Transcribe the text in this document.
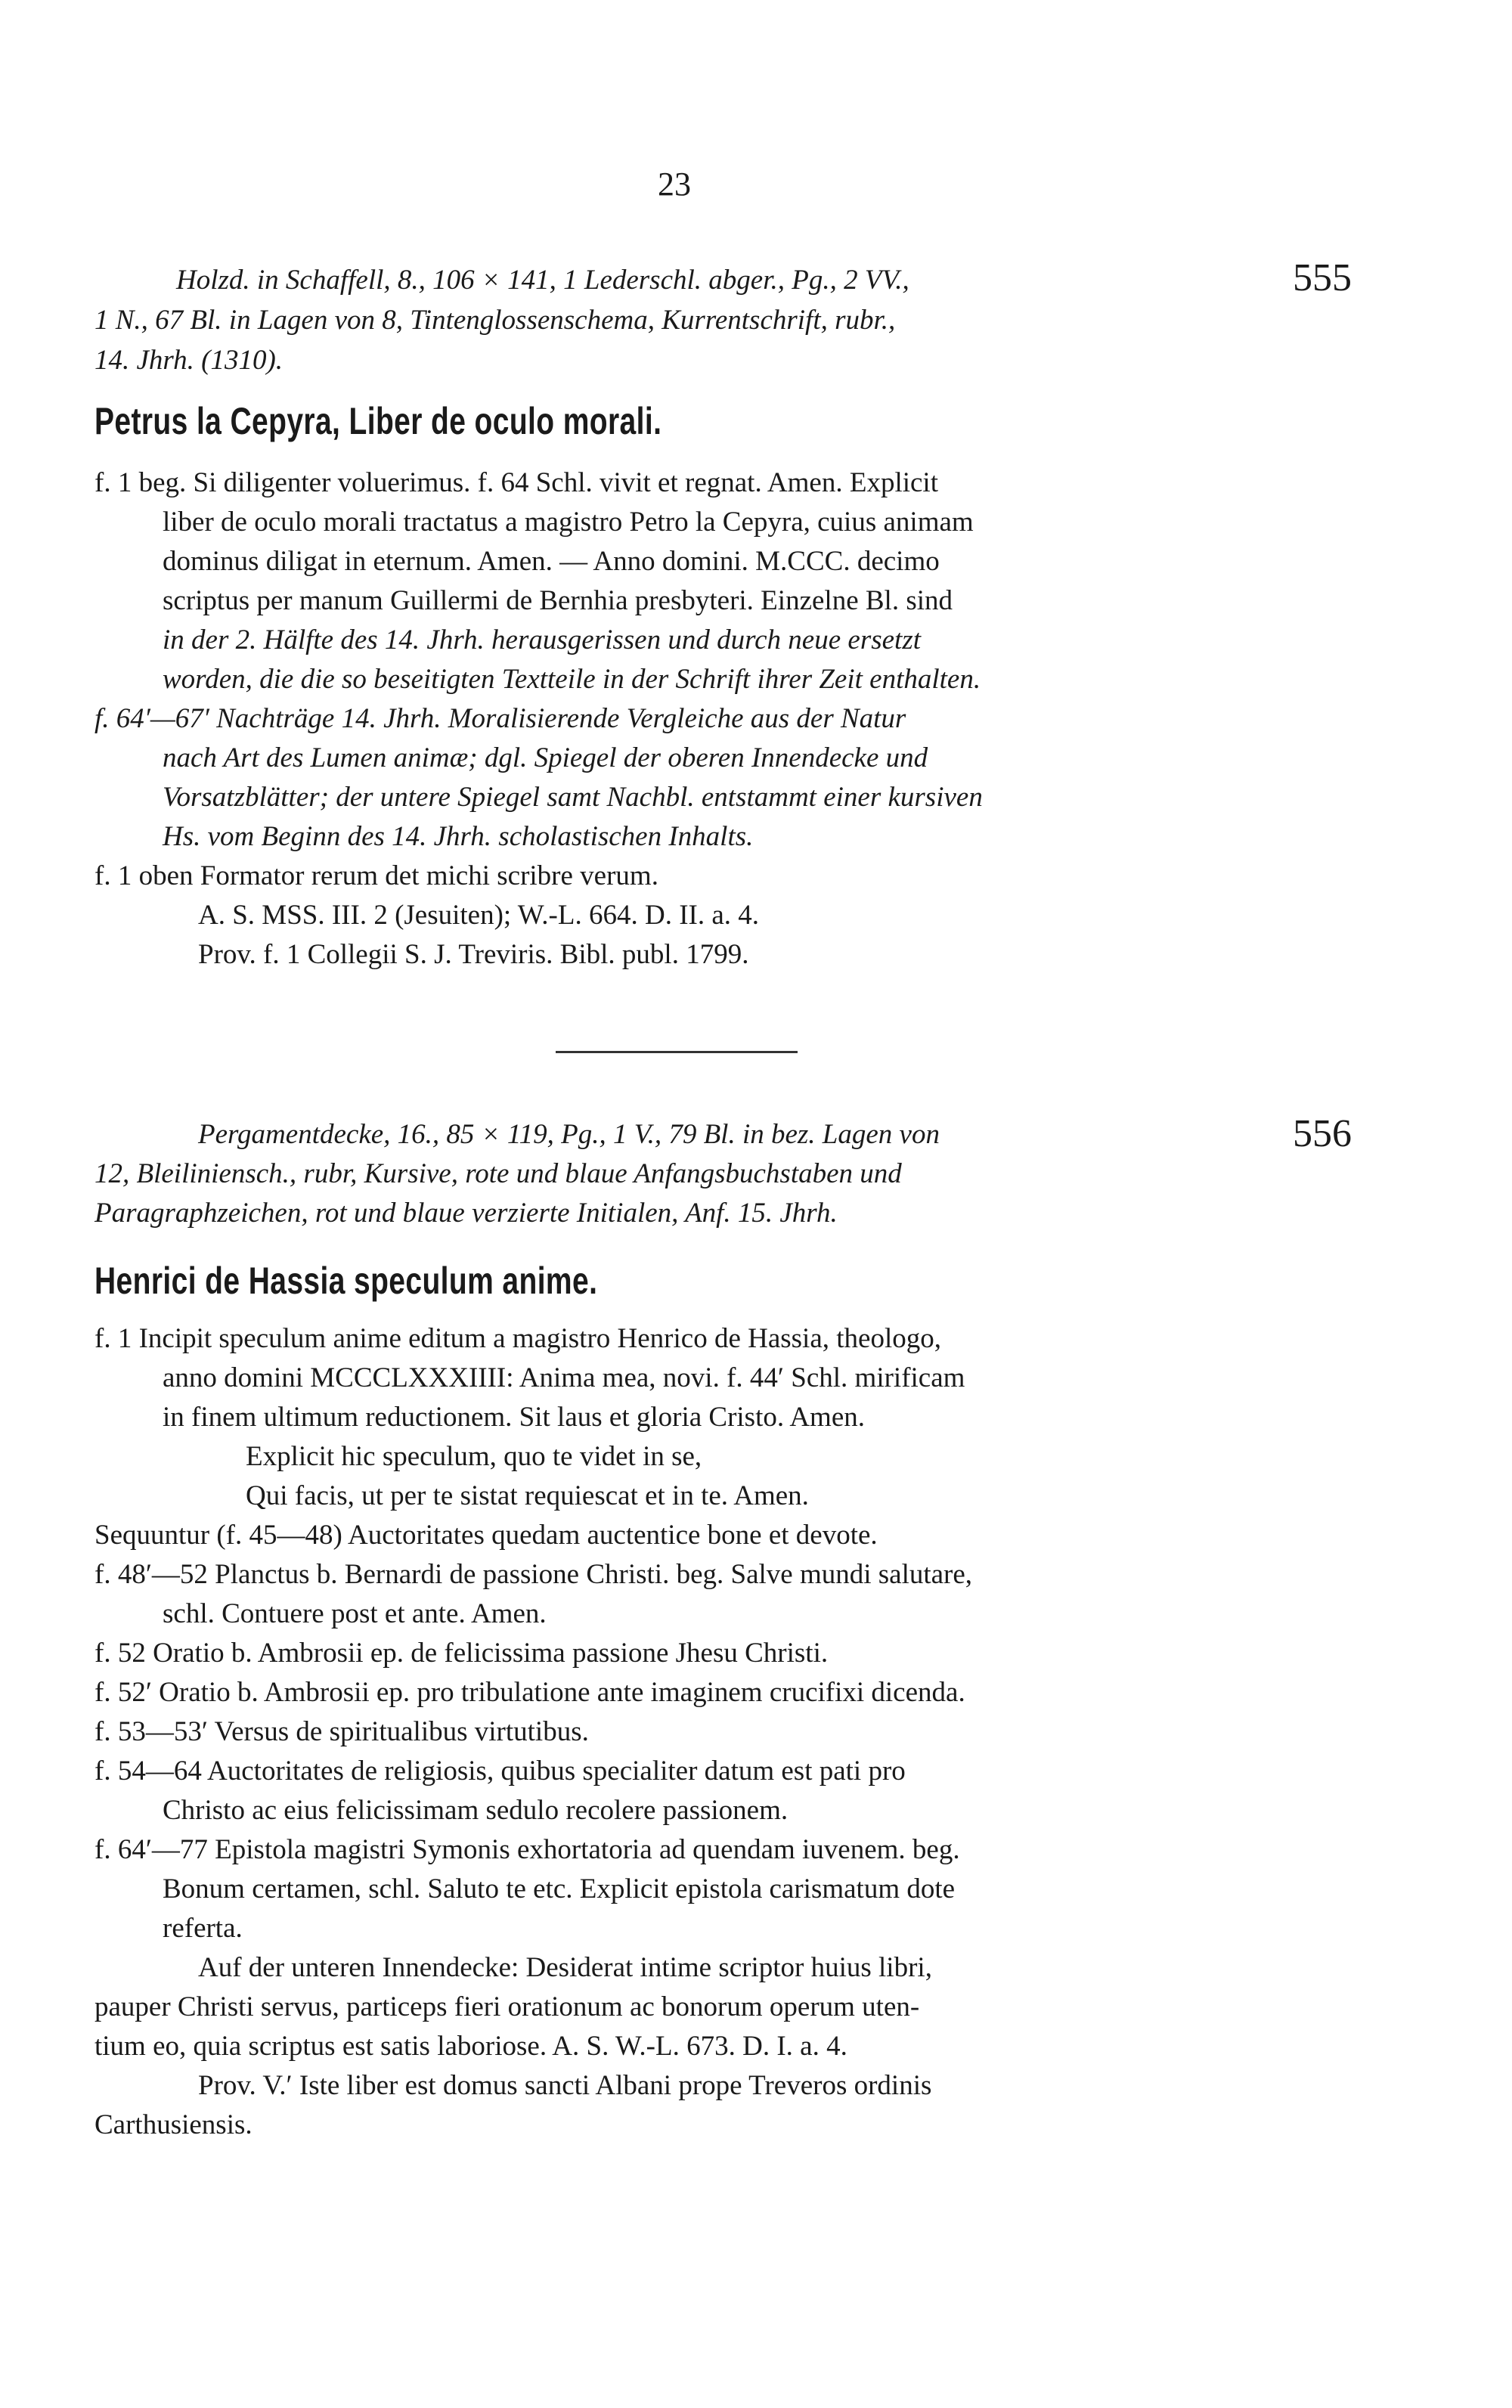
23
555
Holzd. in Schaffell, 8., 106 × 141, 1 Lederschl. abger., Pg., 2 VV.,
1 N., 67 Bl. in Lagen von 8, Tintenglossenschema, Kurrentschrift, rubr.,
14. Jhrh. (1310).
Petrus la Cepyra, Liber de oculo morali.
f. 1 beg. Si diligenter voluerimus. f. 64 Schl. vivit et regnat. Amen. Explicit
liber de oculo morali tractatus a magistro Petro la Cepyra, cuius animam
dominus diligat in eternum. Amen. — Anno domini. M.CCC. decimo
scriptus per manum Guillermi de Bernhia presbyteri. Einzelne Bl. sind
in der 2. Hälfte des 14. Jhrh. herausgerissen und durch neue ersetzt
worden, die die so beseitigten Textteile in der Schrift ihrer Zeit enthalten.
f. 64′—67′ Nachträge 14. Jhrh. Moralisierende Vergleiche aus der Natur
nach Art des Lumen animæ; dgl. Spiegel der oberen Innendecke und
Vorsatzblätter; der untere Spiegel samt Nachbl. entstammt einer kursiven
Hs. vom Beginn des 14. Jhrh. scholastischen Inhalts.
f. 1 oben Formator rerum det michi scribre verum.
A. S. MSS. III. 2 (Jesuiten); W.-L. 664. D. II. a. 4.
Prov. f. 1 Collegii S. J. Treviris. Bibl. publ. 1799.
556
Pergamentdecke, 16., 85 × 119, Pg., 1 V., 79 Bl. in bez. Lagen von
12, Bleiliniensch., rubr, Kursive, rote und blaue Anfangsbuchstaben und
Paragraphzeichen, rot und blaue verzierte Initialen, Anf. 15. Jhrh.
Henrici de Hassia speculum anime.
f. 1 Incipit speculum anime editum a magistro Henrico de Hassia, theologo,
anno domini MCCCLXXXIIII: Anima mea, novi. f. 44′ Schl. mirificam
in finem ultimum reductionem. Sit laus et gloria Cristo. Amen.
Explicit hic speculum, quo te videt in se,
Qui facis, ut per te sistat requiescat et in te. Amen.
Sequuntur (f. 45—48) Auctoritates quedam auctentice bone et devote.
f. 48′—52 Planctus b. Bernardi de passione Christi. beg. Salve mundi salutare,
schl. Contuere post et ante. Amen.
f. 52 Oratio b. Ambrosii ep. de felicissima passione Jhesu Christi.
f. 52′ Oratio b. Ambrosii ep. pro tribulatione ante imaginem crucifixi dicenda.
f. 53—53′ Versus de spiritualibus virtutibus.
f. 54—64 Auctoritates de religiosis, quibus specialiter datum est pati pro
Christo ac eius felicissimam sedulo recolere passionem.
f. 64′—77 Epistola magistri Symonis exhortatoria ad quendam iuvenem. beg.
Bonum certamen, schl. Saluto te etc. Explicit epistola carismatum dote
referta.
Auf der unteren Innendecke: Desiderat intime scriptor huius libri,
pauper Christi servus, particeps fieri orationum ac bonorum operum uten-
tium eo, quia scriptus est satis laboriose. A. S. W.-L. 673. D. I. a. 4.
Prov. V.′ Iste liber est domus sancti Albani prope Treveros ordinis
Carthusiensis.
